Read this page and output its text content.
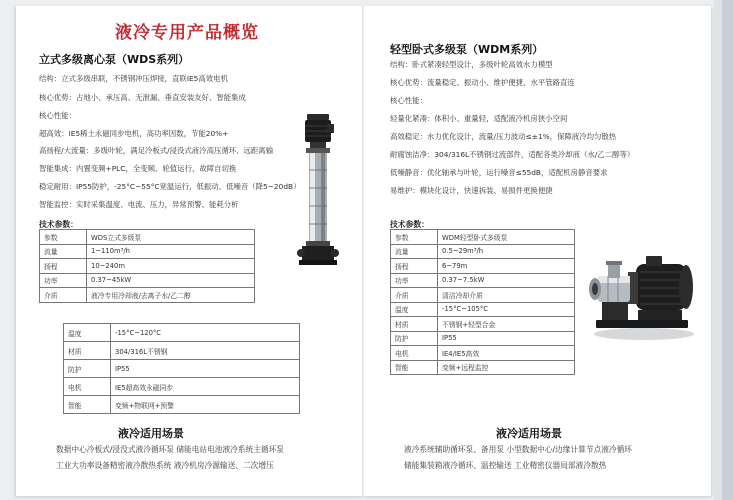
液冷专用产品概览
立式多级离心泵（WDS系列）
结构：立式多级串联，不锈钢冲压焊接，直联IE5高效电机
核心优势：占地小、承压高、无泄漏、垂直安装友好、智能集成
核心性能：
超高效：IE5稀土永磁同步电机，高功率因数，节能20%+
高扬程/大流量：多级叶轮，满足冷板式/浸没式液冷高压循环、远距离输
智能集成：内置变频+PLC，全变频、轮值运行、故障自切换
稳定耐用：IP55防护，-25°C~55°C宽温运行，低振动、低噪音（降5~20dB）
智能监控：实时采集温度、电流、压力，异常预警、能耗分析
技术参数：
参数	WDS立式多级泵
流量	1~110m³/h
扬程	10~240m
功率	0.37~45kW
介质	液冷专用冷却液/去离子水/乙二醇
温度	-15°C~120°C
材质	304/316L不锈钢
防护	IP55
电机	IE5超高效永磁同步
智能	变频+物联网+预警
液冷适用场景
数据中心冷板式/浸没式液冷循环泵 储能电站电池液冷系统主循环泵
工业大功率设备精密液冷散热系统 液冷机房冷源输送、二次增压
轻型卧式多级泵（WDM系列）
结构：卧式紧凑轻型设计，多级叶轮高效水力模型
核心优势：流量稳定、振动小、维护便捷、水平管路直连
核心性能：
轻量化紧凑：体积小、重量轻，适配液冷机房狭小空间
高效稳定：水力优化设计，流量/压力波动≤±1%，保障液冷均匀散热
耐腐蚀洁净：304/316L不锈钢过流部件，适配各类冷却液（水/乙二醇等）
低噪静音：优化轴承与叶轮，运行噪音≤55dB，适配机房静音要求
易维护：模块化设计，快速拆装、易损件更换便捷
技术参数：
参数	WDM轻型卧式多级泵
流量	0.5~29m³/h
扬程	6~79m
功率	0.37~7.5kW
介质	清洁冷却介质
温度	-15°C~105°C
材质	不锈钢+轻型合金
防护	IP55
电机	IE4/IE5高效
智能	变频+远程监控
液冷适用场景
液冷系统辅助循环泵、备用泵 小型数据中心/边缘计算节点液冷循环
储能集装箱液冷循环、温控输送 工业精密仪器局部液冷散热
